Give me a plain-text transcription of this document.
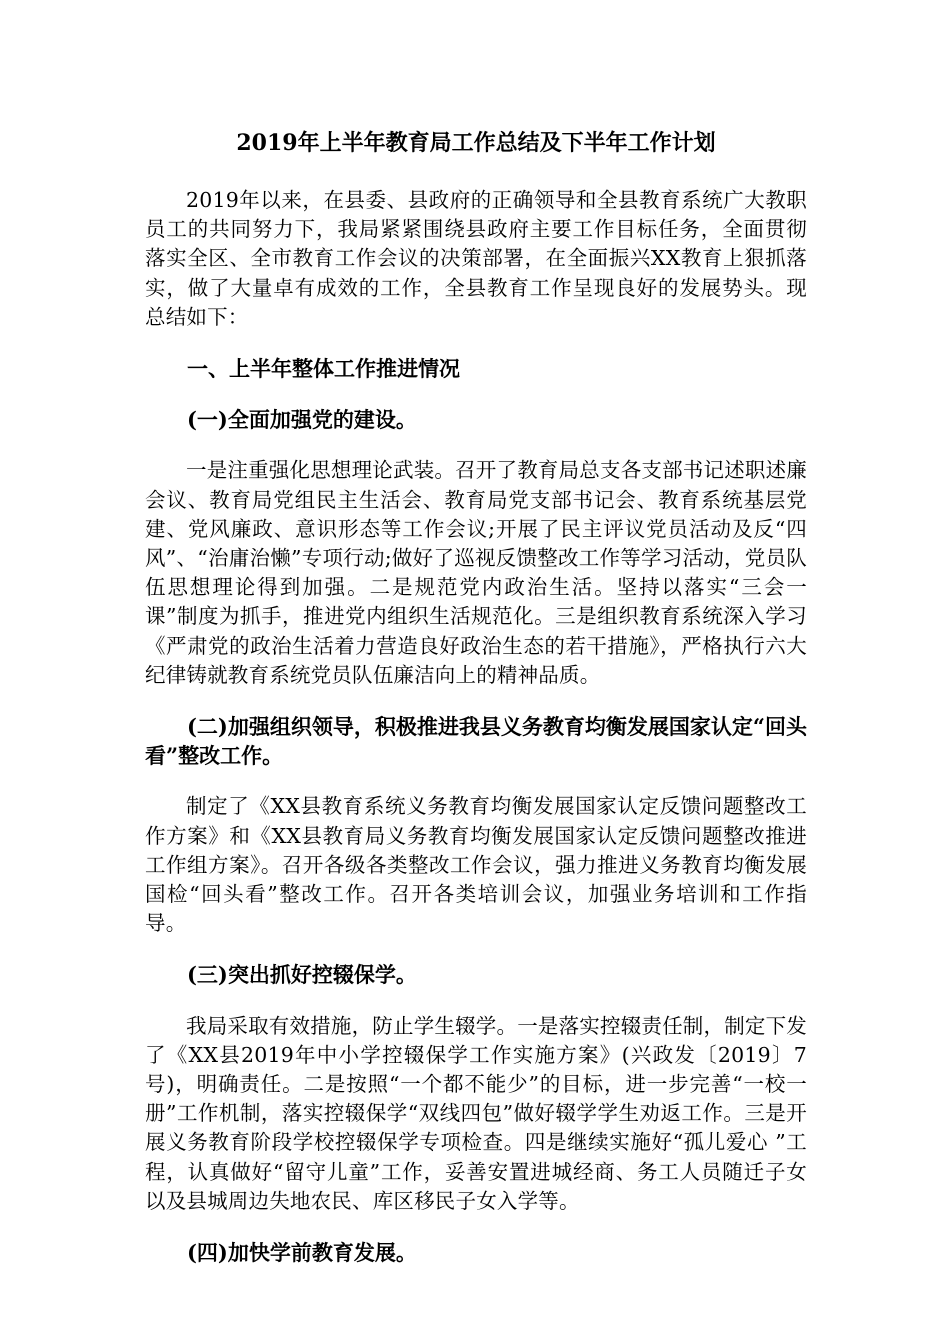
2019年上半年教育局工作总结及下半年工作计划

2019年以来，在县委、县政府的正确领导和全县教育系统广大教职员工的共同努力下，我局紧紧围绕县政府主要工作目标任务，全面贯彻落实全区、全市教育工作会议的决策部署，在全面振兴XX教育上狠抓落实，做了大量卓有成效的工作，全县教育工作呈现良好的发展势头。现总结如下：

一、上半年整体工作推进情况

(一)全面加强党的建设。

一是注重强化思想理论武装。召开了教育局总支各支部书记述职述廉会议、教育局党组民主生活会、教育局党支部书记会、教育系统基层党建、党风廉政、意识形态等工作会议;开展了民主评议党员活动及反“四风”、“治庸治懒”专项行动;做好了巡视反馈整改工作等学习活动，党员队伍思想理论得到加强。二是规范党内政治生活。坚持以落实“三会一课”制度为抓手，推进党内组织生活规范化。三是组织教育系统深入学习《严肃党的政治生活着力营造良好政治生态的若干措施》，严格执行六大纪律铸就教育系统党员队伍廉洁向上的精神品质。

(二)加强组织领导，积极推进我县义务教育均衡发展国家认定“回头看”整改工作。

制定了《XX县教育系统义务教育均衡发展国家认定反馈问题整改工作方案》和《XX县教育局义务教育均衡发展国家认定反馈问题整改推进工作组方案》。召开各级各类整改工作会议，强力推进义务教育均衡发展国检“回头看”整改工作。召开各类培训会议，加强业务培训和工作指导。

(三)突出抓好控辍保学。

我局采取有效措施，防止学生辍学。一是落实控辍责任制，制定下发了《XX县2019年中小学控辍保学工作实施方案》(兴政发〔2019〕7号)，明确责任。二是按照“一个都不能少”的目标，进一步完善“一校一册”工作机制，落实控辍保学“双线四包”做好辍学学生劝返工作。三是开展义务教育阶段学校控辍保学专项检查。四是继续实施好“孤儿爱心 ”工程，认真做好“留守儿童”工作，妥善安置进城经商、务工人员随迁子女以及县城周边失地农民、库区移民子女入学等。

(四)加快学前教育发展。
